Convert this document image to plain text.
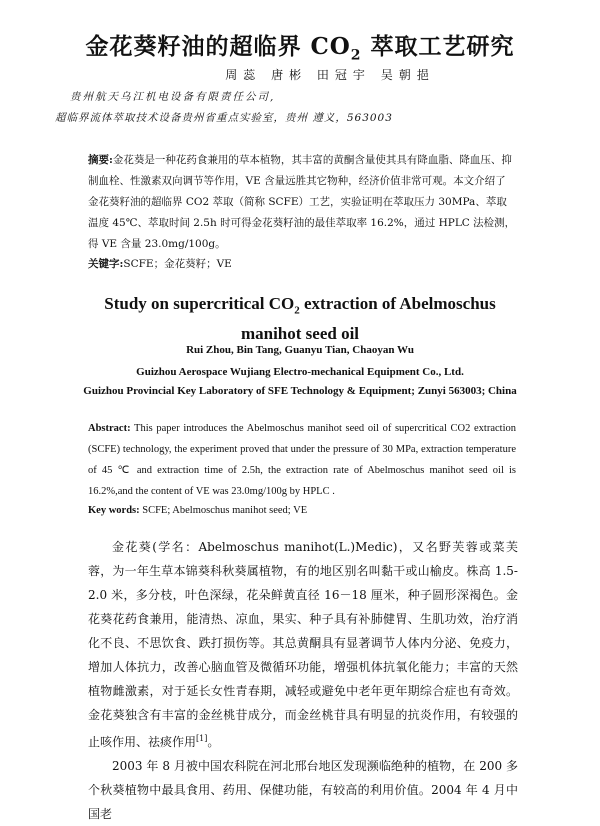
金花葵籽油的超临界 $CO_2$ 萃取工艺研究
周蕊 唐彬 田冠宇 吴朝挹
贵州航天乌江机电设备有限责任公司,
超临界流体萃取技术设备贵州省重点实验室，贵州 遵义，563003
摘要:金花葵是一种花药食兼用的草本植物，其丰富的黄酮含量使其具有降血脂、降血压、抑制血栓、性激素双向调节等作用，VE 含量远胜其它物种，经济价值非常可观。本文介绍了金花葵籽油的超临界 CO2 萃取（简称 SCFE）工艺，实验证明在萃取压力 30MPa、萃取温度 45℃、萃取时间 2.5h 时可得金花葵籽油的最佳萃取率 16.2%，通过 HPLC 法检测，得 VE 含量 23.0mg/100g。
关键字:SCFE；金花葵籽；VE
Study on supercritical $CO_2$ extraction of Abelmoschus
manihot seed oil
Rui Zhou, Bin Tang, Guanyu Tian, Chaoyan Wu
Guizhou Aerospace Wujiang Electro-mechanical Equipment Co., Ltd.
Guizhou Provincial Key Laboratory of SFE Technology & Equipment; Zunyi 563003; China
Abstract: This paper introduces the Abelmoschus manihot seed oil of supercritical CO2 extraction (SCFE) technology, the experiment proved that under the pressure of 30 MPa, extraction temperature of 45 ℃ and extraction time of 2.5h, the extraction rate of Abelmoschus manihot seed oil is 16.2%,and the content of VE was 23.0mg/100g by HPLC .
Key words: SCFE; Abelmoschus manihot seed; VE

金花葵(学名：Abelmoschus manihot(L.)Medic)，又名野芙蓉或菜芙蓉，为一年生草本锦葵科秋葵属植物，有的地区别名叫黏干或山榆皮。株高 1.5-2.0 米，多分枝，叶色深绿，花朵鲜黄直径 16－18 厘米，种子圆形深褐色。金花葵花药食兼用，能清热、凉血，果实、种子具有补肺健胃、生肌功效，治疗消化不良、不思饮食、跌打损伤等。其总黄酮具有显著调节人体内分泌、免疫力，增加人体抗力，改善心脑血管及微循环功能，增强机体抗氧化能力；丰富的天然植物雌激素，对于延长女性青春期，减轻或避免中老年更年期综合症也有奇效。金花葵独含有丰富的金丝桃苷成分，而金丝桃苷具有明显的抗炎作用，有较强的止咳作用、祛痰作用[1]。

2003 年 8 月被中国农科院在河北邢台地区发现濒临绝种的植物，在 200 多个秋葵植物中最具食用、药用、保健功能，有较高的利用价值。2004 年 4 月中国老
